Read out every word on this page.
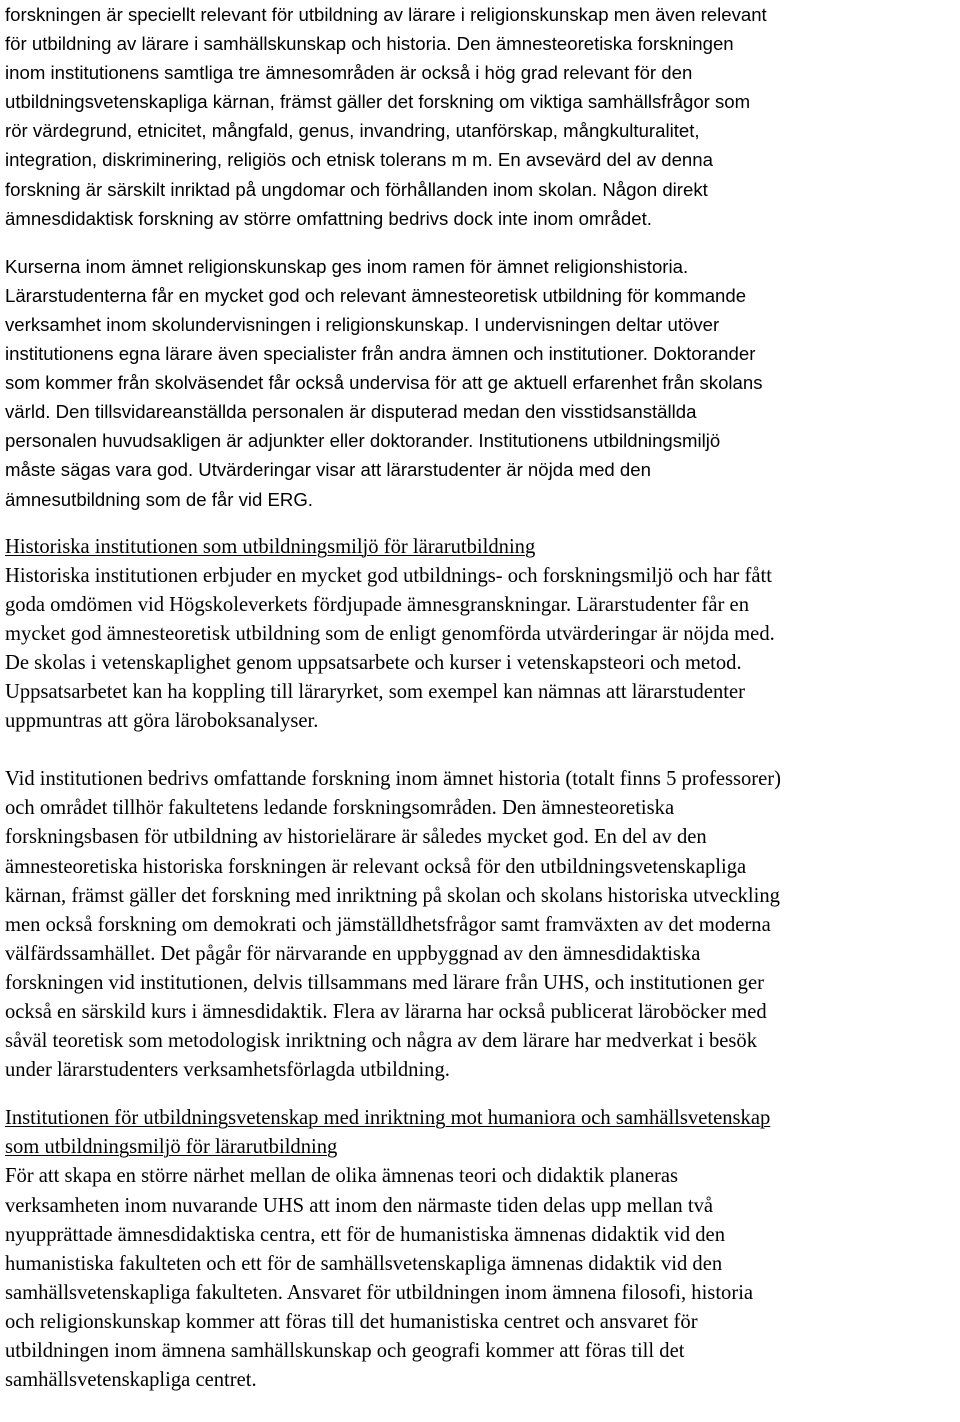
forskningen är speciellt relevant för utbildning av lärare i religionskunskap men även relevant
för utbildning av lärare i samhällskunskap och historia. Den ämnesteoretiska forskningen
inom institutionens samtliga tre ämnesområden är också i hög grad relevant för den
utbildningsvetenskapliga kärnan, främst gäller det forskning om viktiga samhällsfrågor som
rör värdegrund, etnicitet, mångfald, genus, invandring, utanförskap, mångkulturalitet,
integration, diskriminering, religiös och etnisk tolerans m m. En avsevärd del av denna
forskning är särskilt inriktad på ungdomar och förhållanden inom skolan. Någon direkt
ämnesdidaktisk forskning av större omfattning bedrivs dock inte inom området.
Kurserna inom ämnet religionskunskap ges inom ramen för ämnet religionshistoria.
Lärarstudenterna får en mycket god och relevant ämnesteoretisk utbildning för kommande
verksamhet inom skolundervisningen i religionskunskap. I undervisningen deltar utöver
institutionens egna lärare även specialister från andra ämnen och institutioner. Doktorander
som kommer från skolväsendet får också undervisa för att ge aktuell erfarenhet från skolans
värld. Den tillsvidareanställda personalen är disputerad medan den visstidsanställda
personalen huvudsakligen är adjunkter eller doktorander. Institutionens utbildningsmiljö
måste sägas vara god. Utvärderingar visar att lärarstudenter är nöjda med den
ämnesutbildning som de får vid ERG.
Historiska institutionen som utbildningsmiljö för lärarutbildning
Historiska institutionen erbjuder en mycket god utbildnings- och forskningsmiljö och har fått
goda omdömen vid Högskoleverkets fördjupade ämnesgranskningar. Lärarstudenter får en
mycket god ämnesteoretisk utbildning som de enligt genomförda utvärderingar är nöjda med.
De skolas i vetenskaplighet genom uppsatsarbete och kurser i vetenskapsteori och metod.
Uppsatsarbetet kan ha koppling till läraryrket, som exempel kan nämnas att lärarstudenter
uppmuntras att göra läroboksanalyser.
Vid institutionen bedrivs omfattande forskning inom ämnet historia (totalt finns 5 professorer)
och området tillhör fakultetens ledande forskningsområden. Den ämnesteoretiska
forskningsbasen för utbildning av historielärare är således mycket god. En del av den
ämnesteoretiska historiska forskningen är relevant också för den utbildningsvetenskapliga
kärnan, främst gäller det forskning med inriktning på skolan och skolans historiska utveckling
men också forskning om demokrati och jämställdhetsfrågor samt framväxten av det moderna
välfärdssamhället. Det pågår för närvarande en uppbyggnad av den ämnesdidaktiska
forskningen vid institutionen, delvis tillsammans med lärare från UHS, och institutionen ger
också en särskild kurs i ämnesdidaktik. Flera av lärarna har också publicerat läroböcker med
såväl teoretisk som metodologisk inriktning och några av dem lärare har medverkat i besök
under lärarstudenters verksamhetsförlagda utbildning.
Institutionen för utbildningsvetenskap med inriktning mot humaniora och samhällsvetenskap
som utbildningsmiljö för lärarutbildning
För att skapa en större närhet mellan de olika ämnenas teori och didaktik planeras
verksamheten inom nuvarande UHS att inom den närmaste tiden delas upp mellan två
nyupprättade ämnesdidaktiska centra, ett för de humanistiska ämnenas didaktik vid den
humanistiska fakulteten och ett för de samhällsvetenskapliga ämnenas didaktik vid den
samhällsvetenskapliga fakulteten. Ansvaret för utbildningen inom ämnena filosofi, historia
och religionskunskap kommer att föras till det humanistiska centret och ansvaret för
utbildningen inom ämnena samhällskunskap och geografi kommer att föras till det
samhällsvetenskapliga centret.
